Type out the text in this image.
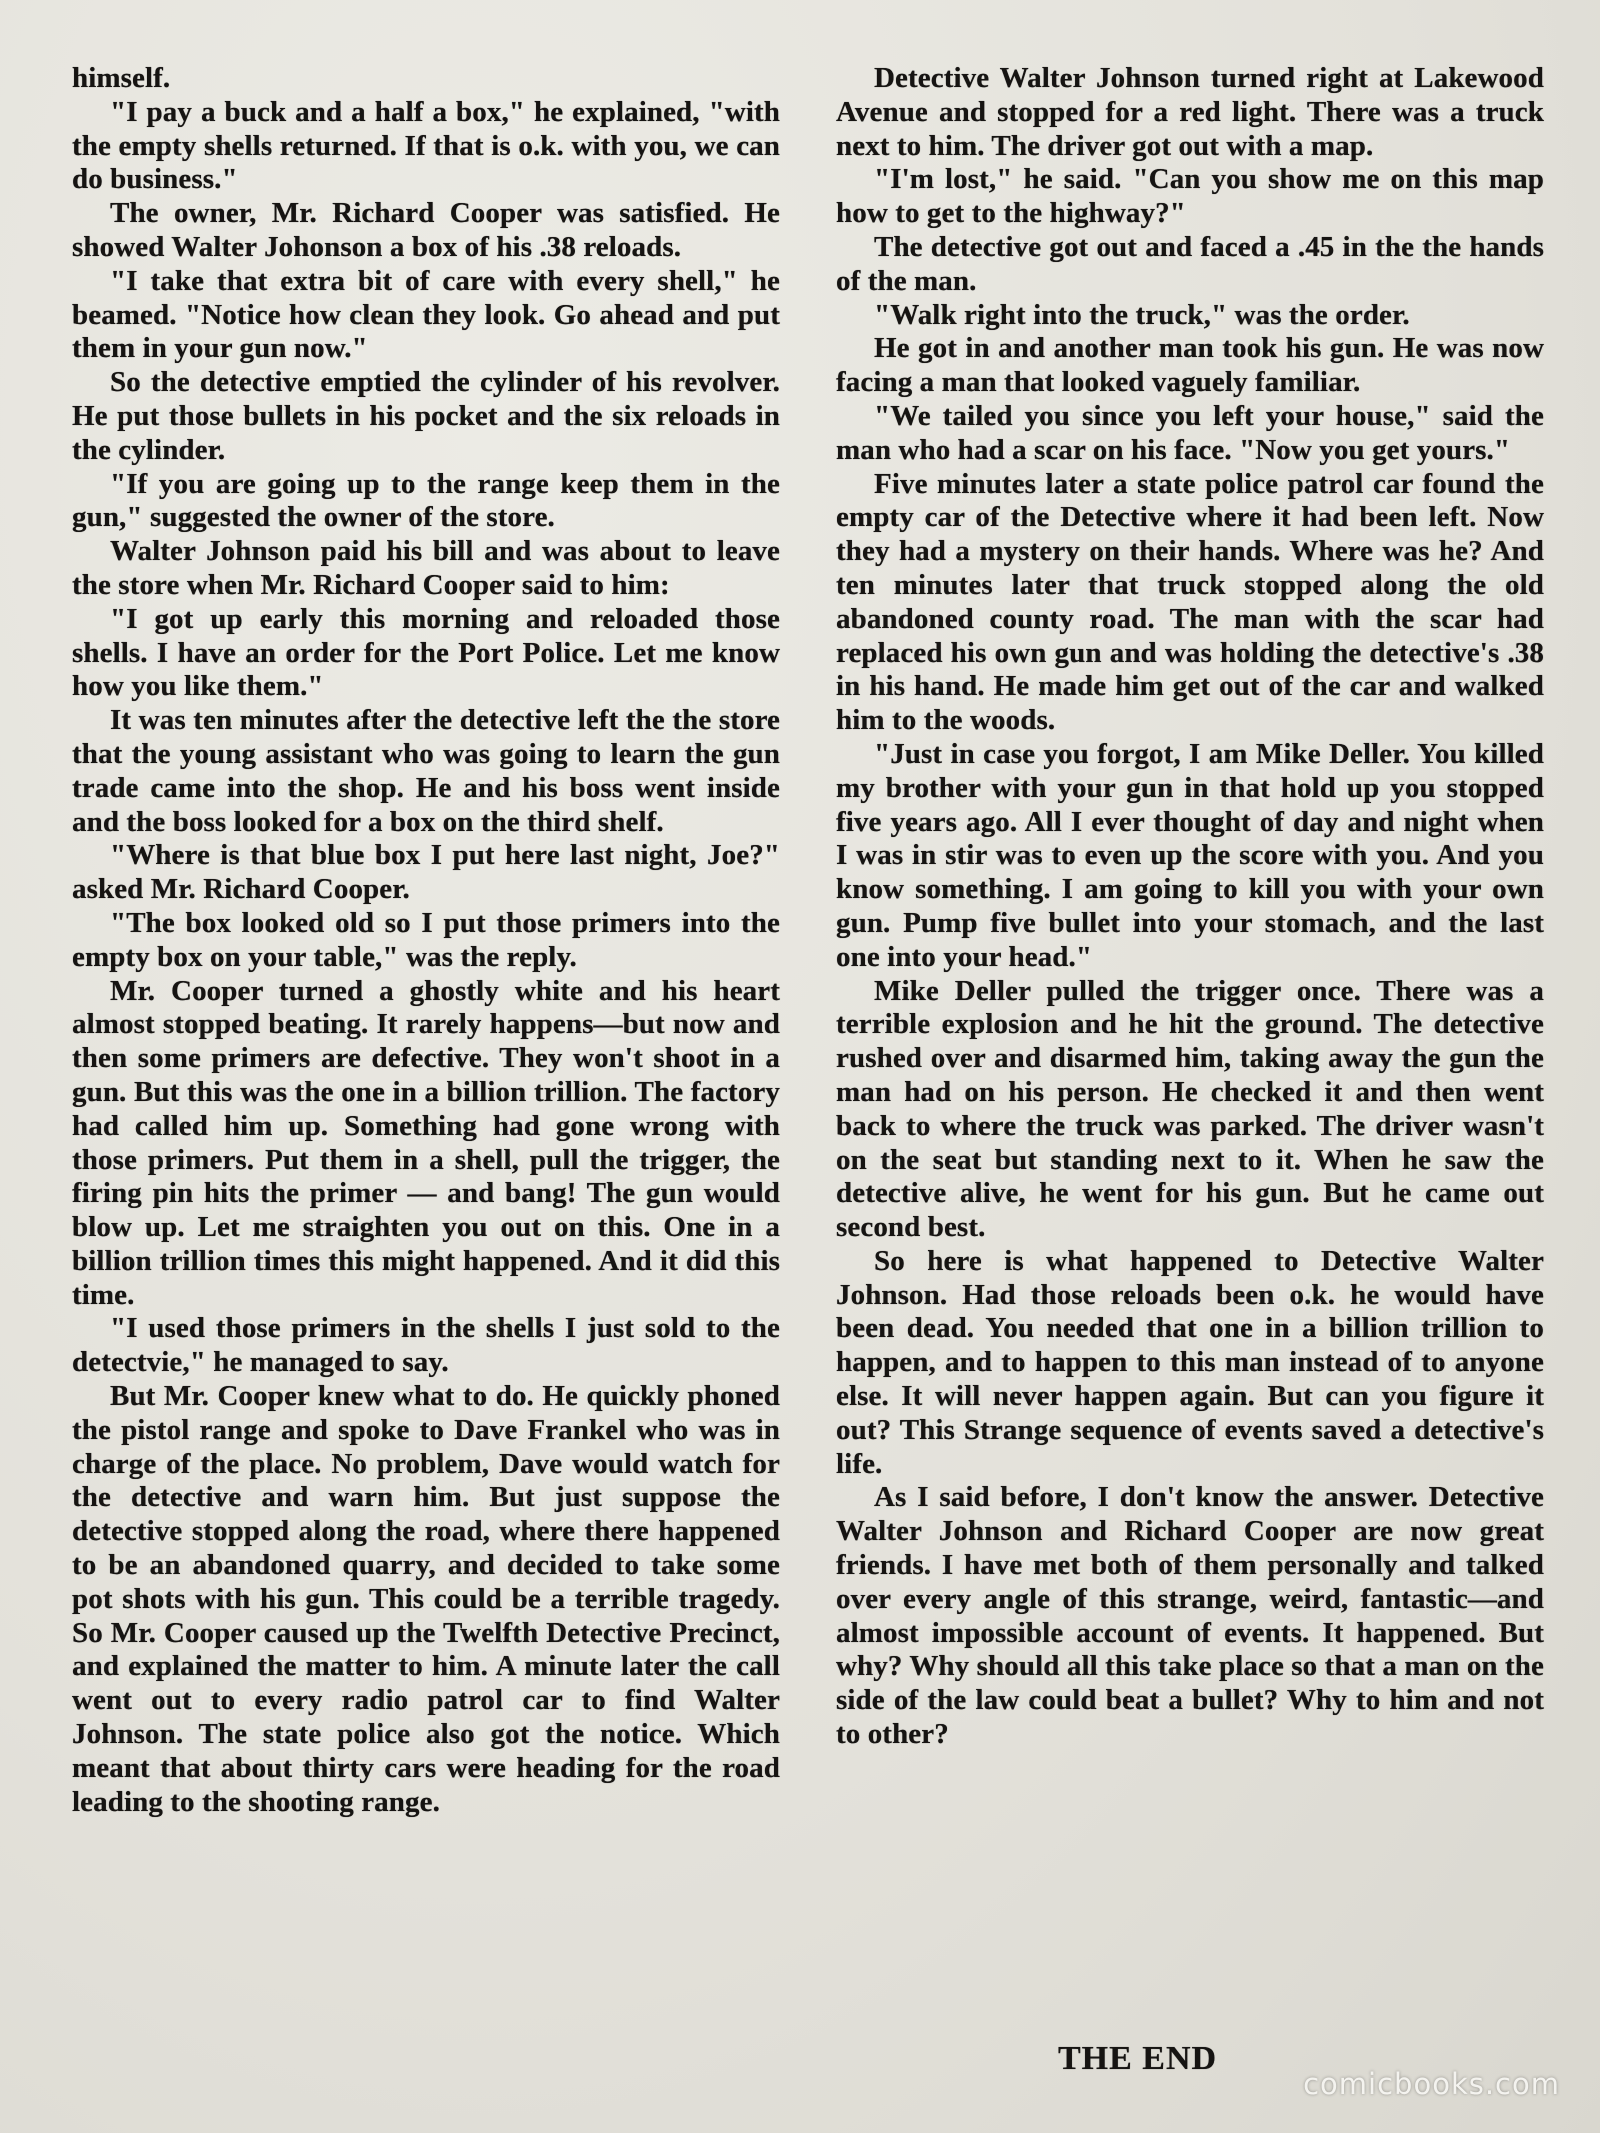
himself.

"I pay a buck and a half a box," he explained, "with the empty shells returned. If that is o.k. with you, we can do business."

The owner, Mr. Richard Cooper was satisfied. He showed Walter Johonson a box of his .38 reloads.

"I take that extra bit of care with every shell," he beamed. "Notice how clean they look. Go ahead and put them in your gun now."

So the detective emptied the cylinder of his revolver. He put those bullets in his pocket and the six reloads in the cylinder.

"If you are going up to the range keep them in the gun," suggested the owner of the store.

Walter Johnson paid his bill and was about to leave the store when Mr. Richard Cooper said to him:

"I got up early this morning and reloaded those shells. I have an order for the Port Police. Let me know how you like them."

It was ten minutes after the detective left the the store that the young assistant who was going to learn the gun trade came into the shop. He and his boss went inside and the boss looked for a box on the third shelf.

"Where is that blue box I put here last night, Joe?" asked Mr. Richard Cooper.

"The box looked old so I put those primers into the empty box on your table," was the reply.

Mr. Cooper turned a ghostly white and his heart almost stopped beating. It rarely happens—but now and then some primers are defective. They won't shoot in a gun. But this was the one in a billion trillion. The factory had called him up. Something had gone wrong with those primers. Put them in a shell, pull the trigger, the firing pin hits the primer — and bang! The gun would blow up. Let me straighten you out on this. One in a billion trillion times this might happened. And it did this time.

"I used those primers in the shells I just sold to the detectvie," he managed to say.

But Mr. Cooper knew what to do. He quickly phoned the pistol range and spoke to Dave Frankel who was in charge of the place. No problem, Dave would watch for the detective and warn him. But just suppose the detective stopped along the road, where there happened to be an abandoned quarry, and decided to take some pot shots with his gun. This could be a terrible tragedy. So Mr. Cooper caused up the Twelfth Detective Precinct, and explained the matter to him. A minute later the call went out to every radio patrol car to find Walter Johnson. The state police also got the notice. Which meant that about thirty cars were heading for the road leading to the shooting range.

Detective Walter Johnson turned right at Lakewood Avenue and stopped for a red light. There was a truck next to him. The driver got out with a map.

"I'm lost," he said. "Can you show me on this map how to get to the highway?"

The detective got out and faced a .45 in the the hands of the man.

"Walk right into the truck," was the order.

He got in and another man took his gun. He was now facing a man that looked vaguely familiar.

"We tailed you since you left your house," said the man who had a scar on his face. "Now you get yours."

Five minutes later a state police patrol car found the empty car of the Detective where it had been left. Now they had a mystery on their hands. Where was he? And ten minutes later that truck stopped along the old abandoned county road. The man with the scar had replaced his own gun and was holding the detective's .38 in his hand. He made him get out of the car and walked him to the woods.

"Just in case you forgot, I am Mike Deller. You killed my brother with your gun in that hold up you stopped five years ago. All I ever thought of day and night when I was in stir was to even up the score with you. And you know something. I am going to kill you with your own gun. Pump five bullet into your stomach, and the last one into your head."

Mike Deller pulled the trigger once. There was a terrible explosion and he hit the ground. The detective rushed over and disarmed him, taking away the gun the man had on his person. He checked it and then went back to where the truck was parked. The driver wasn't on the seat but standing next to it. When he saw the detective alive, he went for his gun. But he came out second best.

So here is what happened to Detective Walter Johnson. Had those reloads been o.k. he would have been dead. You needed that one in a billion trillion to happen, and to happen to this man instead of to anyone else. It will never happen again. But can you figure it out? This Strange sequence of events saved a detective's life.

As I said before, I don't know the answer. Detective Walter Johnson and Richard Cooper are now great friends. I have met both of them personally and talked over every angle of this strange, weird, fantastic—and almost impossible account of events. It happened. But why? Why should all this take place so that a man on the side of the law could beat a bullet? Why to him and not to other?

THE END
comicbooks.com
